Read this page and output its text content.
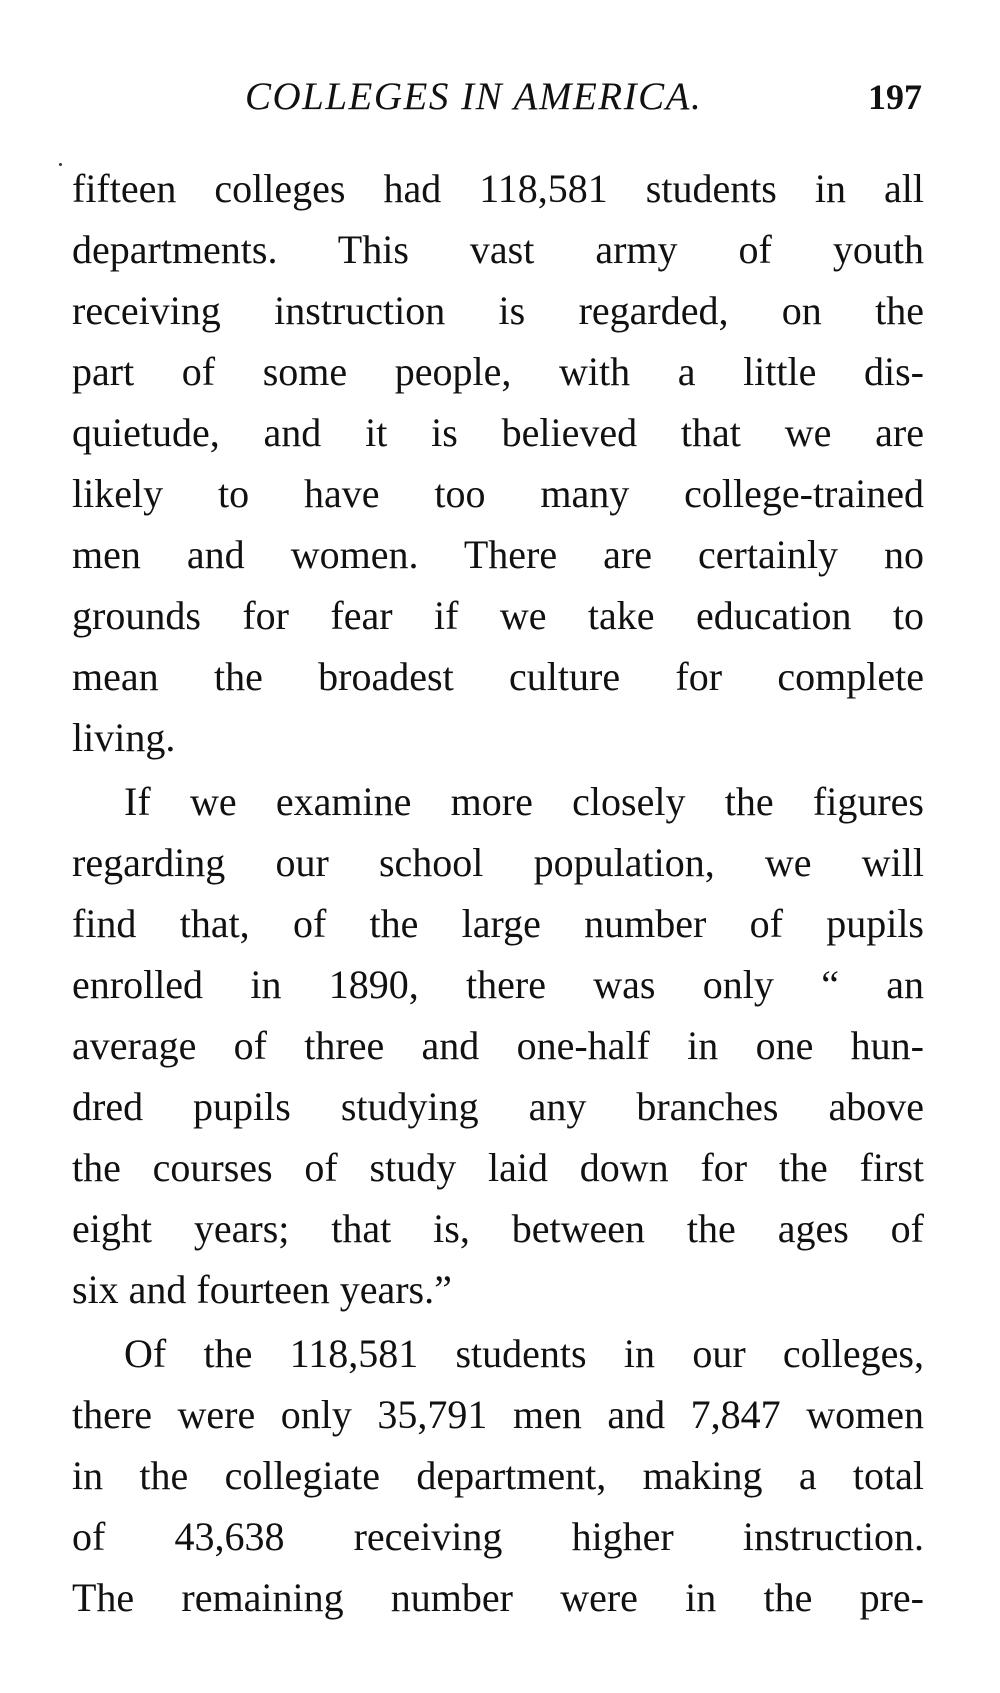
COLLEGES IN AMERICA.	197
fifteen colleges had 118,581 students in all
departments. This vast army of youth
receiving instruction is regarded, on the
part of some people, with a little dis-
quietude, and it is believed that we are
likely to have too many college-trained
men and women. There are certainly no
grounds for fear if we take education to
mean the broadest culture for complete
living.
If we examine more closely the figures
regarding our school population, we will
find that, of the large number of pupils
enrolled in 1890, there was only “ an
average of three and one-half in one hun-
dred pupils studying any branches above
the courses of study laid down for the first
eight years; that is, between the ages of
six and fourteen years.”
Of the 118,581 students in our colleges,
there were only 35,791 men and 7,847 women
in the collegiate department, making a total
of 43,638 receiving higher instruction.
The remaining number were in the pre-
